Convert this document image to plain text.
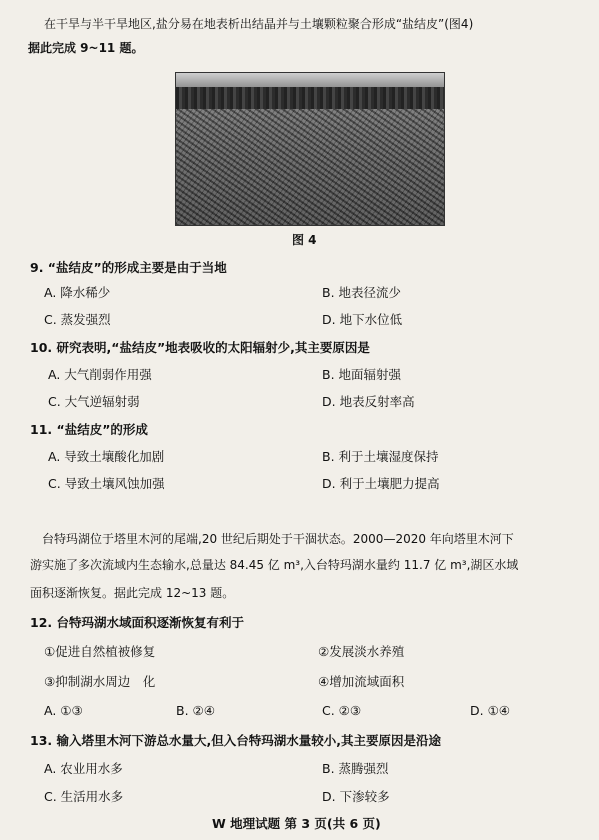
在干旱与半干旱地区,盐分易在地表析出结晶并与土壤颗粒聚合形成“盐结皮”(图4)
据此完成 9~11 题。
图 4
9. “盐结皮”的形成主要是由于当地
A. 降水稀少	B. 地表径流少
C. 蒸发强烈	D. 地下水位低
10. 研究表明,“盐结皮”地表吸收的太阳辐射少,其主要原因是
A. 大气削弱作用强	B. 地面辐射强
C. 大气逆辐射弱	D. 地表反射率高
11. “盐结皮”的形成
A. 导致土壤酸化加剧	B. 利于土壤湿度保持
C. 导致土壤风蚀加强	D. 利于土壤肥力提高
台特玛湖位于塔里木河的尾端,20 世纪后期处于干涸状态。2000—2020 年向塔里木河下
游实施了多次流域内生态输水,总量达 84.45 亿 m³,入台特玛湖水量约 11.7 亿 m³,湖区水域
面积逐渐恢复。据此完成 12~13 题。
12. 台特玛湖水域面积逐渐恢复有利于
①促进自然植被修复	②发展淡水养殖
③抑制湖水周边　化	④增加流域面积
A. ①③	B. ②④	C. ②③	D. ①④
13. 输入塔里木河下游总水量大,但入台特玛湖水量较小,其主要原因是沿途
A. 农业用水多	B. 蒸腾强烈
C. 生活用水多	D. 下渗较多
W 地理试题 第 3 页(共 6 页)
